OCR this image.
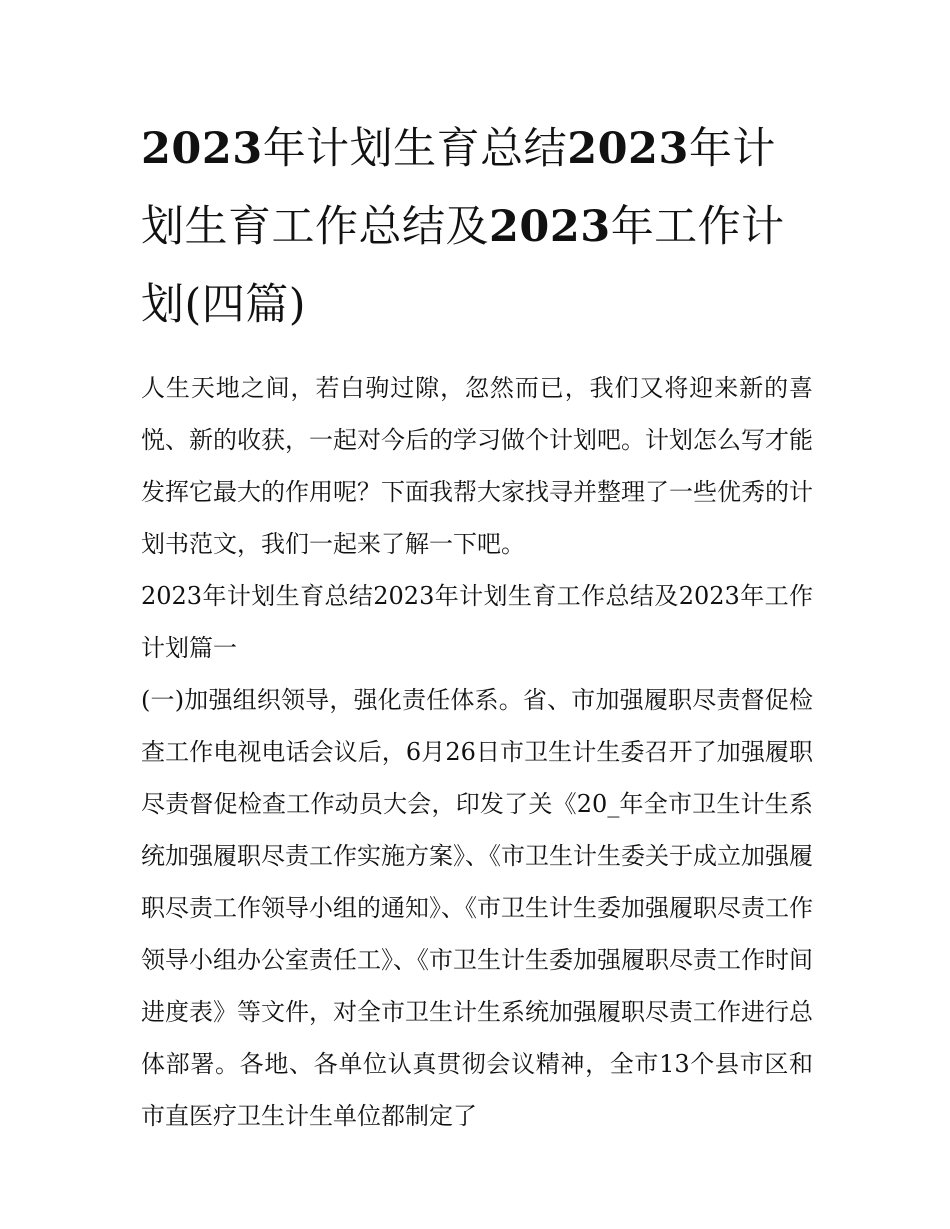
2023年计划生育总结2023年计划生育工作总结及2023年工作计划(四篇)

人生天地之间，若白驹过隙，忽然而已，我们又将迎来新的喜悦、新的收获，一起对今后的学习做个计划吧。计划怎么写才能发挥它最大的作用呢？下面我帮大家找寻并整理了一些优秀的计划书范文，我们一起来了解一下吧。

2023年计划生育总结2023年计划生育工作总结及2023年工作计划篇一

(一)加强组织领导，强化责任体系。省、市加强履职尽责督促检查工作电视电话会议后，6月26日市卫生计生委召开了加强履职尽责督促检查工作动员大会，印发了关《20_年全市卫生计生系统加强履职尽责工作实施方案》、《市卫生计生委关于成立加强履职尽责工作领导小组的通知》、《市卫生计生委加强履职尽责工作领导小组办公室责任工》、《市卫生计生委加强履职尽责工作时间进度表》等文件，对全市卫生计生系统加强履职尽责工作进行总体部署。各地、各单位认真贯彻会议精神，全市13个县市区和市直医疗卫生计生单位都制定了
